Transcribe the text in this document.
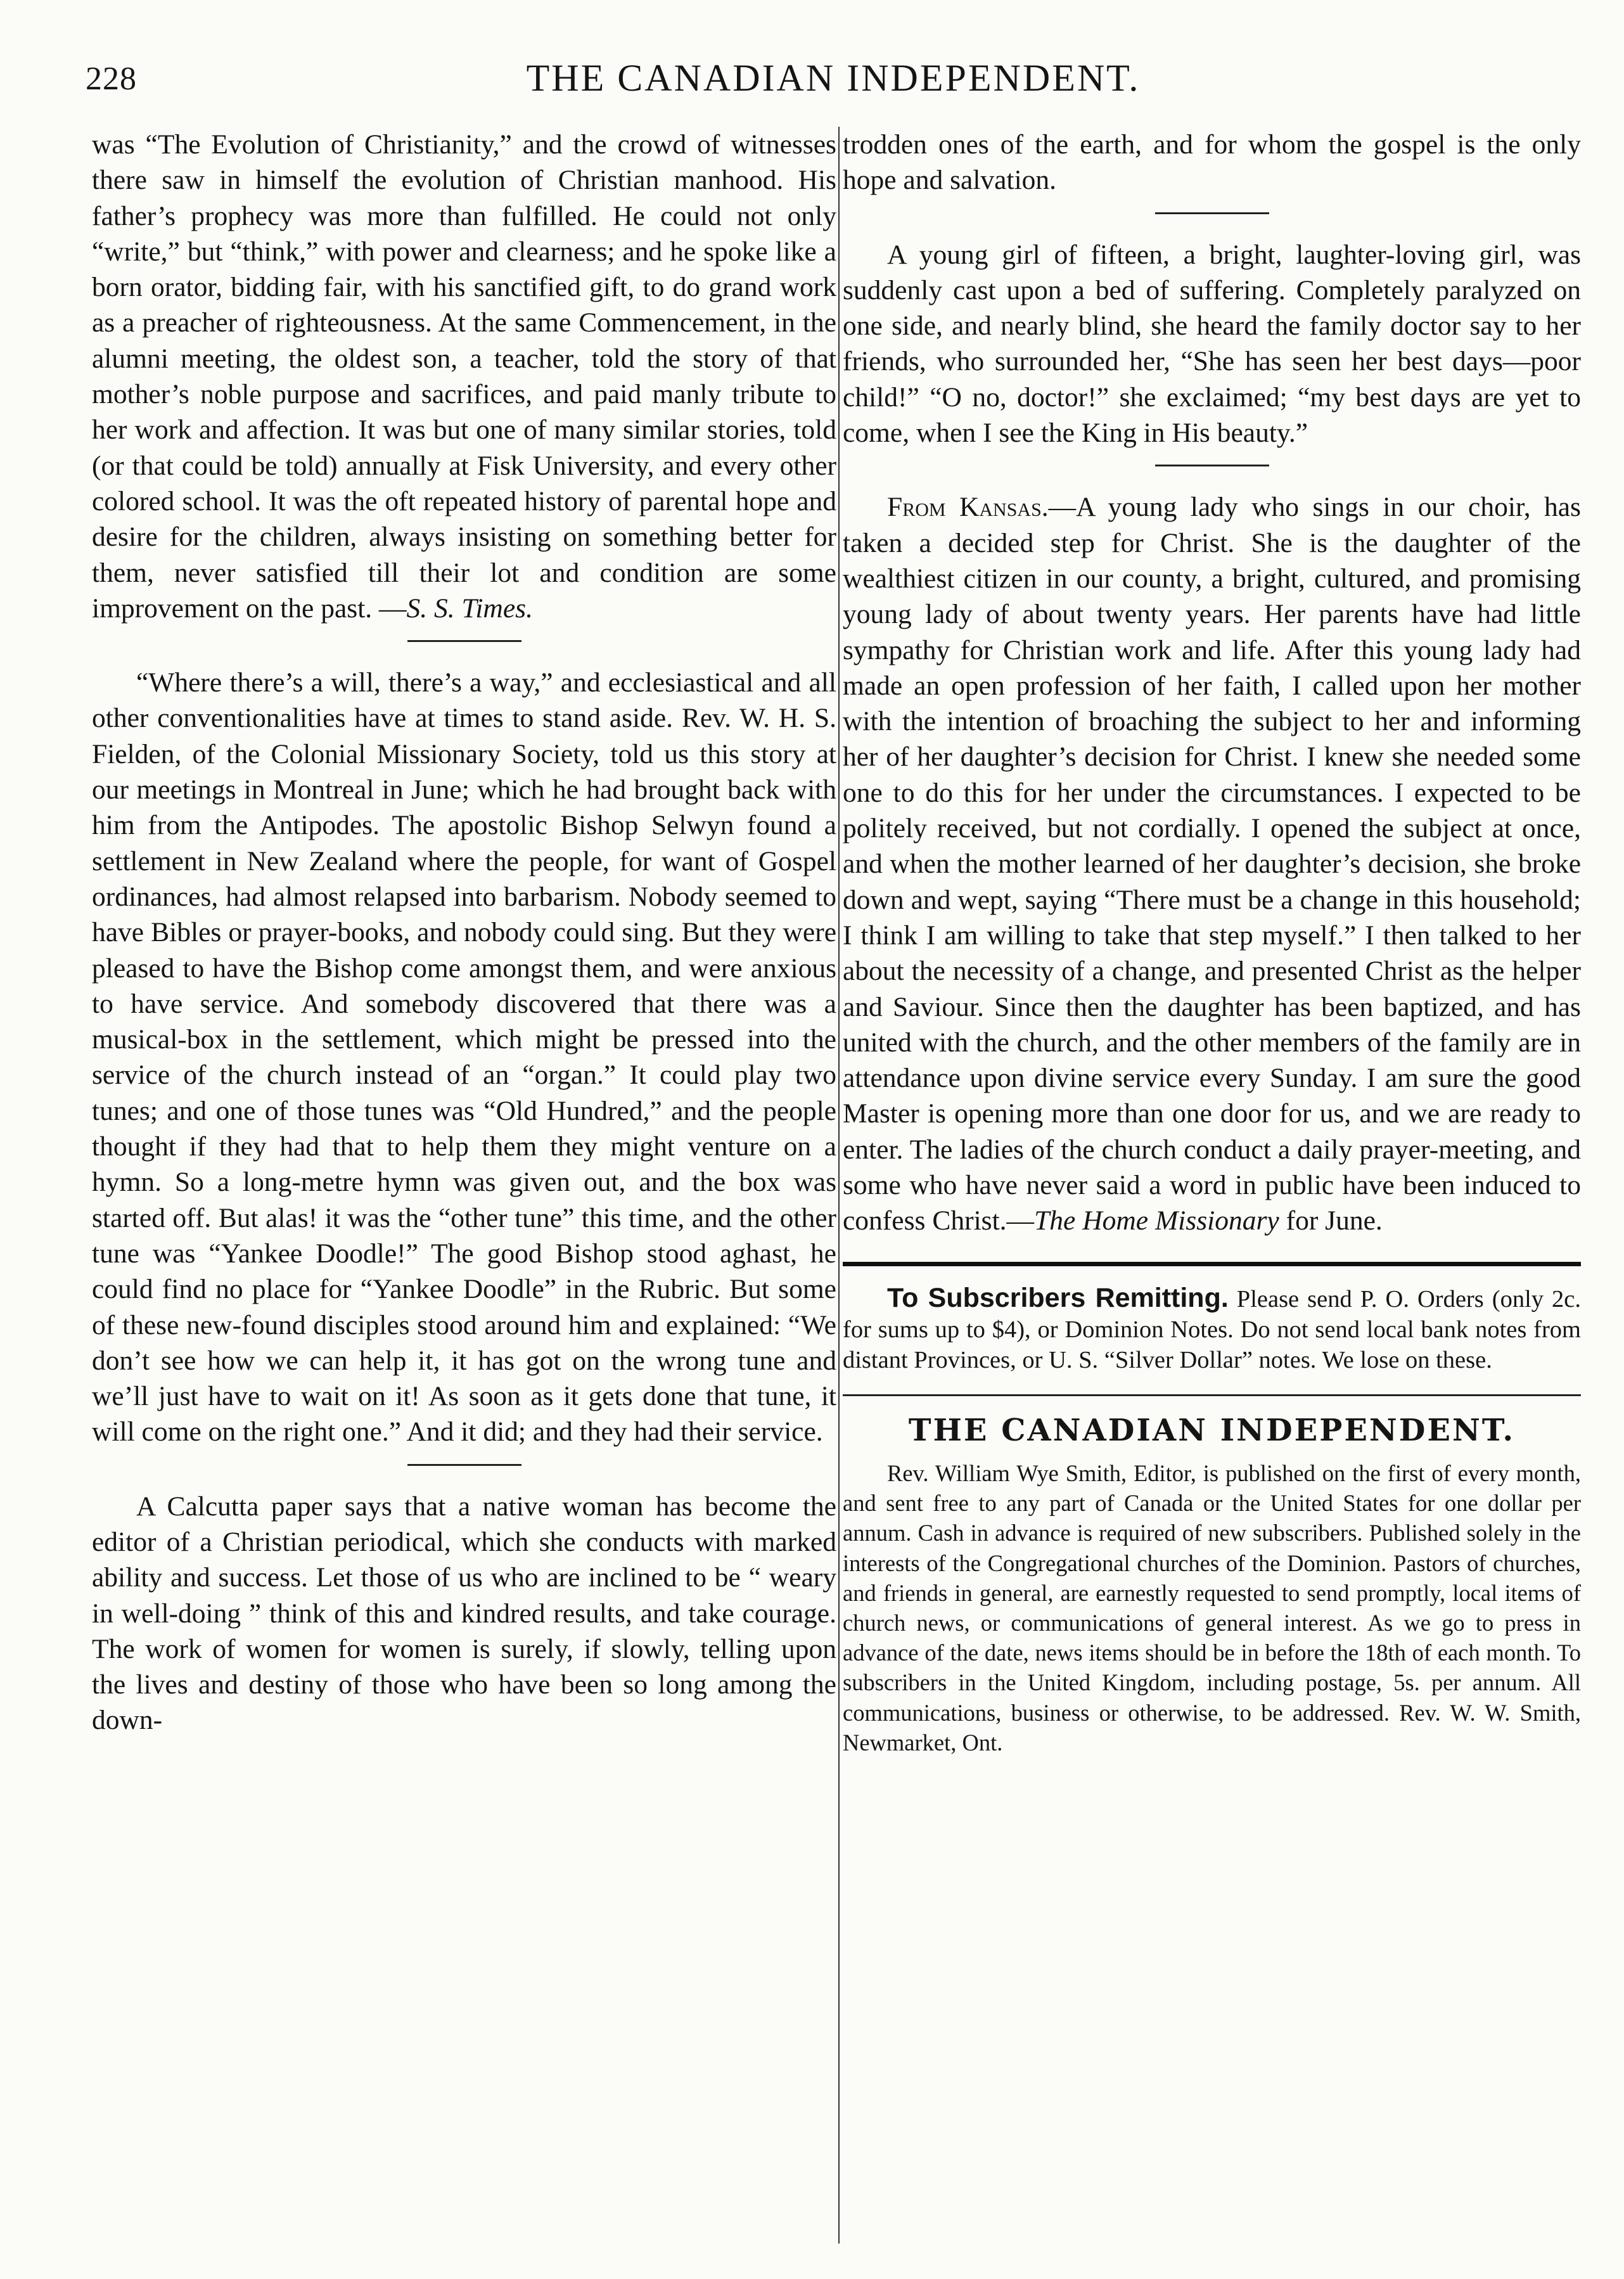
228	THE CANADIAN INDEPENDENT.

was “The Evolution of Christianity,” and the crowd of witnesses there saw in himself the evolution of Christian manhood. His father’s prophecy was more than fulfilled. He could not only “write,” but “think,” with power and clearness; and he spoke like a born orator, bidding fair, with his sanctified gift, to do grand work as a preacher of righteousness. At the same Commencement, in the alumni meeting, the oldest son, a teacher, told the story of that mother’s noble purpose and sacrifices, and paid manly tribute to her work and affection. It was but one of many similar stories, told (or that could be told) annually at Fisk University, and every other colored school. It was the oft repeated history of parental hope and desire for the children, always insisting on something better for them, never satisfied till their lot and condition are some improvement on the past. —S. S. Times.

“Where there’s a will, there’s a way,” and ecclesiastical and all other conventionalities have at times to stand aside. Rev. W. H. S. Fielden, of the Colonial Missionary Society, told us this story at our meetings in Montreal in June; which he had brought back with him from the Antipodes. The apostolic Bishop Selwyn found a settlement in New Zealand where the people, for want of Gospel ordinances, had almost relapsed into barbarism. Nobody seemed to have Bibles or prayer-books, and nobody could sing. But they were pleased to have the Bishop come amongst them, and were anxious to have service. And somebody discovered that there was a musical-box in the settlement, which might be pressed into the service of the church instead of an “organ.” It could play two tunes; and one of those tunes was “Old Hundred,” and the people thought if they had that to help them they might venture on a hymn. So a long-metre hymn was given out, and the box was started off. But alas! it was the “other tune” this time, and the other tune was “Yankee Doodle!” The good Bishop stood aghast, he could find no place for “Yankee Doodle” in the Rubric. But some of these new-found disciples stood around him and explained: “We don’t see how we can help it, it has got on the wrong tune and we’ll just have to wait on it! As soon as it gets done that tune, it will come on the right one.” And it did; and they had their service.

A Calcutta paper says that a native woman has become the editor of a Christian periodical, which she conducts with marked ability and success. Let those of us who are inclined to be “ weary in well-doing ” think of this and kindred results, and take courage. The work of women for women is surely, if slowly, telling upon the lives and destiny of those who have been so long among the down-

trodden ones of the earth, and for whom the gospel is the only hope and salvation.

A young girl of fifteen, a bright, laughter-loving girl, was suddenly cast upon a bed of suffering. Completely paralyzed on one side, and nearly blind, she heard the family doctor say to her friends, who surrounded her, “She has seen her best days—poor child!” “O no, doctor!” she exclaimed; “my best days are yet to come, when I see the King in His beauty.”

From Kansas.—A young lady who sings in our choir, has taken a decided step for Christ. She is the daughter of the wealthiest citizen in our county, a bright, cultured, and promising young lady of about twenty years. Her parents have had little sympathy for Christian work and life. After this young lady had made an open profession of her faith, I called upon her mother with the intention of broaching the subject to her and informing her of her daughter’s decision for Christ. I knew she needed some one to do this for her under the circumstances. I expected to be politely received, but not cordially. I opened the subject at once, and when the mother learned of her daughter’s decision, she broke down and wept, saying “There must be a change in this household; I think I am willing to take that step myself.” I then talked to her about the necessity of a change, and presented Christ as the helper and Saviour. Since then the daughter has been baptized, and has united with the church, and the other members of the family are in attendance upon divine service every Sunday. I am sure the good Master is opening more than one door for us, and we are ready to enter. The ladies of the church conduct a daily prayer-meeting, and some who have never said a word in public have been induced to confess Christ.—The Home Missionary for June.

To Subscribers Remitting. Please send P. O. Orders (only 2c. for sums up to $4), or Dominion Notes. Do not send local bank notes from distant Provinces, or U. S. “Silver Dollar” notes. We lose on these.

THE CANADIAN INDEPENDENT.

Rev. William Wye Smith, Editor, is published on the first of every month, and sent free to any part of Canada or the United States for one dollar per annum. Cash in advance is required of new subscribers. Published solely in the interests of the Congregational churches of the Dominion. Pastors of churches, and friends in general, are earnestly requested to send promptly, local items of church news, or communications of general interest. As we go to press in advance of the date, news items should be in before the 18th of each month. To subscribers in the United Kingdom, including postage, 5s. per annum. All communications, business or otherwise, to be addressed. Rev. W. W. Smith, Newmarket, Ont.
